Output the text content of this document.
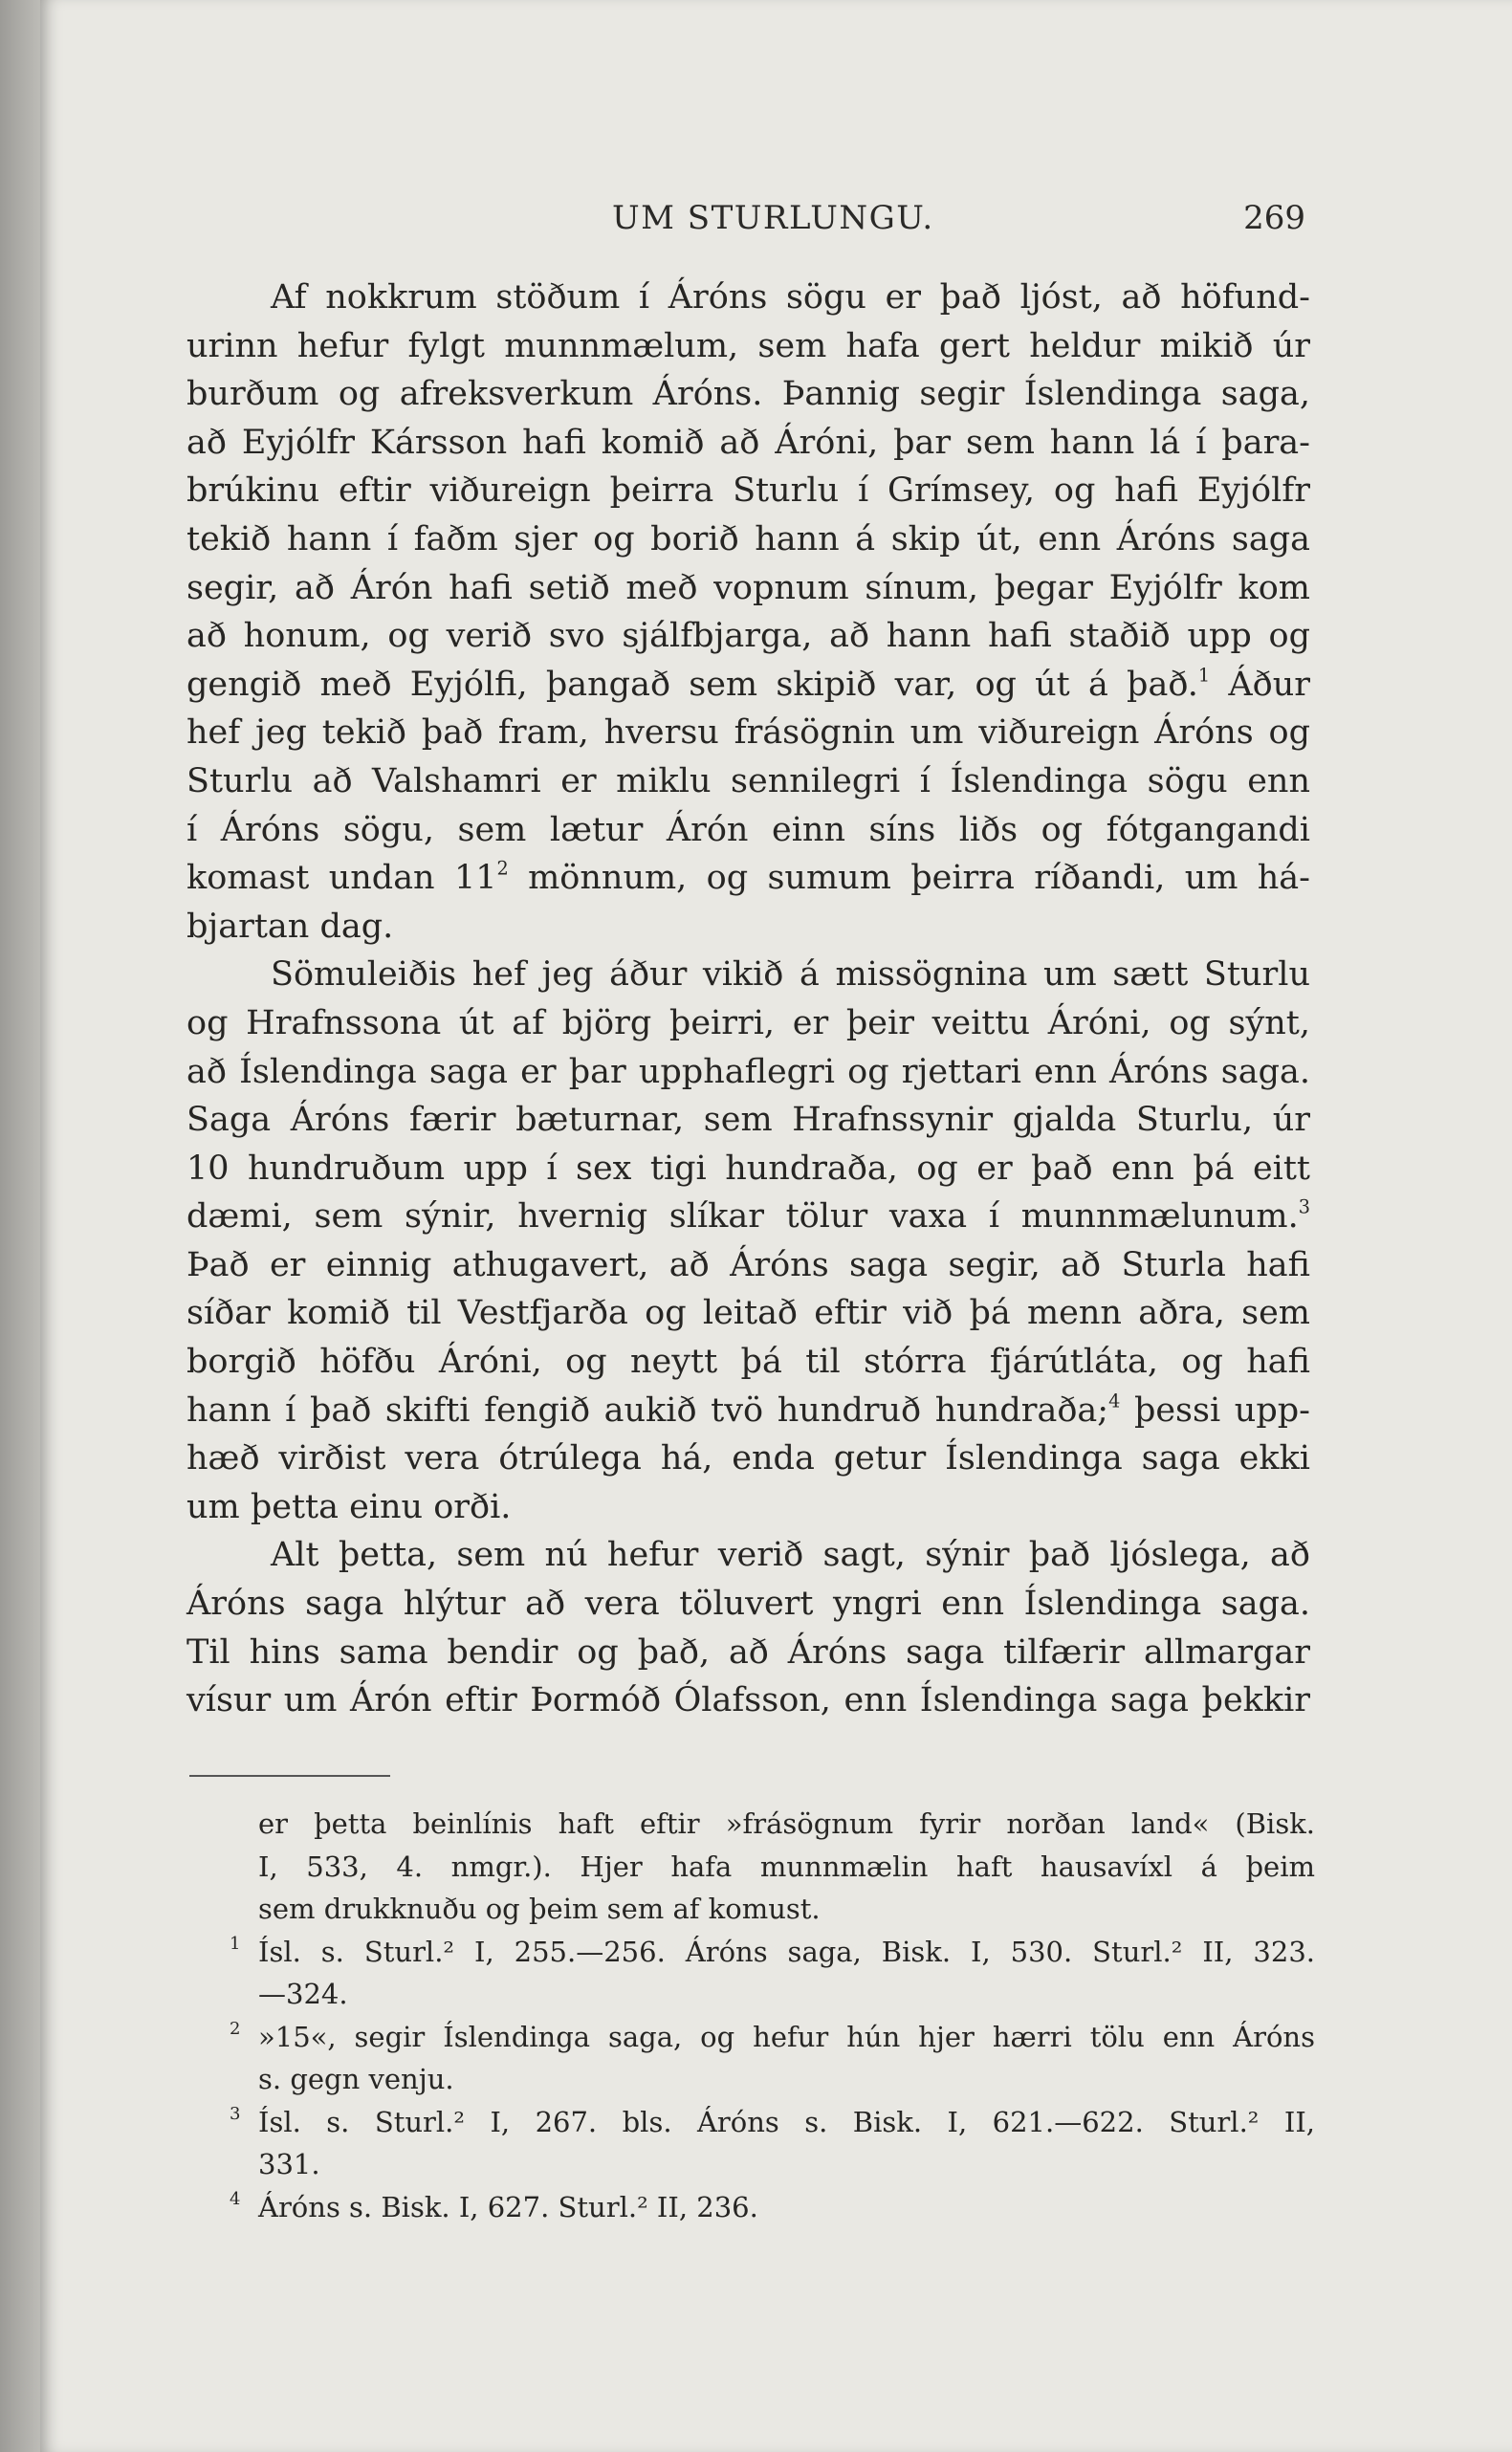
UM STURLUNGU.	269
Af nokkrum stöðum í Áróns sögu er það ljóst, að höfund-
urinn hefur fylgt munnmælum, sem hafa gert heldur mikið úr
burðum og afreksverkum Áróns. Þannig segir Íslendinga saga,
að Eyjólfr Kársson hafi komið að Áróni, þar sem hann lá í þara-
brúkinu eftir viðureign þeirra Sturlu í Grímsey, og hafi Eyjólfr
tekið hann í faðm sjer og borið hann á skip út, enn Áróns saga
segir, að Árón hafi setið með vopnum sínum, þegar Eyjólfr kom
að honum, og verið svo sjálfbjarga, að hann hafi staðið upp og
gengið með Eyjólfi, þangað sem skipið var, og út á það.$^1$ Áður
hef jeg tekið það fram, hversu frásögnin um viðureign Áróns og
Sturlu að Valshamri er miklu sennilegri í Íslendinga sögu enn
í Áróns sögu, sem lætur Árón einn síns liðs og fótgangandi
komast undan $11^2$ mönnum, og sumum þeirra ríðandi, um há-
bjartan dag.
Sömuleiðis hef jeg áður vikið á missögnina um sætt Sturlu
og Hrafnssona út af björg þeirri, er þeir veittu Áróni, og sýnt,
að Íslendinga saga er þar upphaflegri og rjettari enn Áróns saga.
Saga Áróns færir bæturnar, sem Hrafnssynir gjalda Sturlu, úr
10 hundruðum upp í sex tigi hundraða, og er það enn þá eitt
dæmi, sem sýnir, hvernig slíkar tölur vaxa í munnmælunum.$^3$
Það er einnig athugavert, að Áróns saga segir, að Sturla hafi
síðar komið til Vestfjarða og leitað eftir við þá menn aðra, sem
borgið höfðu Áróni, og neytt þá til stórra fjárútláta, og hafi
hann í það skifti fengið aukið tvö hundruð hundraða;$^4$ þessi upp-
hæð virðist vera ótrúlega há, enda getur Íslendinga saga ekki
um þetta einu orði.
Alt þetta, sem nú hefur verið sagt, sýnir það ljóslega, að
Áróns saga hlýtur að vera töluvert yngri enn Íslendinga saga.
Til hins sama bendir og það, að Áróns saga tilfærir allmargar
vísur um Árón eftir Þormóð Ólafsson, enn Íslendinga saga þekkir
er þetta beinlínis haft eftir »frásögnum fyrir norðan land« (Bisk.
I, 533, 4. nmgr.). Hjer hafa munnmælin haft hausavíxl á þeim
sem drukknuðu og þeim sem af komust.
1 Ísl. s. Sturl.² I, 255.—256. Áróns saga, Bisk. I, 530. Sturl.² II, 323.
—324.
2 »15«, segir Íslendinga saga, og hefur hún hjer hærri tölu enn Áróns
s. gegn venju.
3 Ísl. s. Sturl.² I, 267. bls. Áróns s. Bisk. I, 621.—622. Sturl.² II,
331.
4 Áróns s. Bisk. I, 627. Sturl.² II, 236.
